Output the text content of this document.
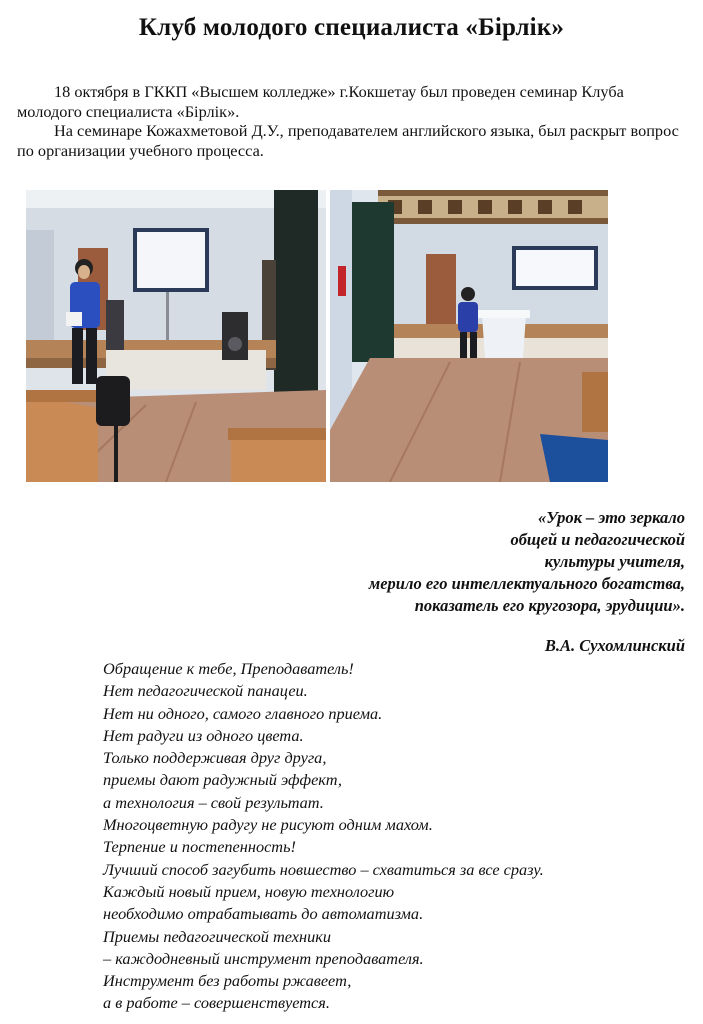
Клуб молодого специалиста «Бірлік»

18 октября в ГККП «Высшем колледже» г.Кокшетау был проведен семинар Клуба молодого специалиста «Бірлік».

На семинаре Кожахметовой Д.У., преподавателем английского языка, был раскрыт вопрос по организации учебного процесса.

«Урок – это зеркало
общей и педагогической
культуры учителя,
мерило его интеллектуального богатства,
показатель его кругозора, эрудиции».
В.А. Сухомлинский
Обращение к тебе, Преподаватель!
Нет педагогической панацеи.
Нет ни одного, самого главного приема.
Нет радуги из одного цвета.
Только поддерживая друг друга,
приемы дают радужный эффект,
а технология – свой результат.
Многоцветную радугу не рисуют одним махом.
Терпение и постепенность!
Лучший способ загубить новшество – схватиться за все сразу.
Каждый новый прием, новую технологию
необходимо отрабатывать до автоматизма.
Приемы педагогической техники
– каждодневный инструмент преподавателя.
Инструмент без работы ржавеет,
а в работе – совершенствуется.
